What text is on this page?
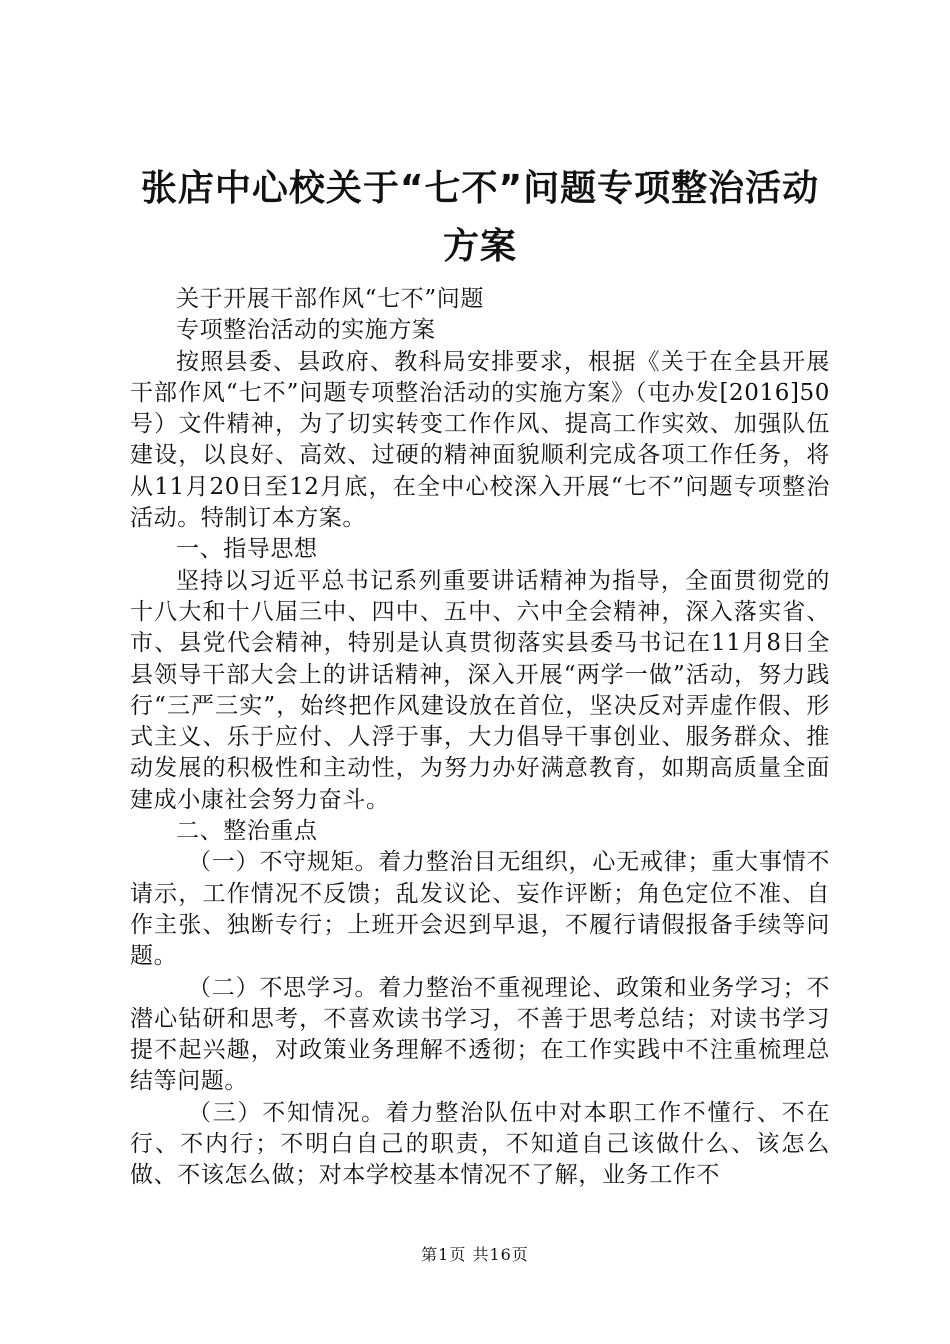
张店中心校关于“七不”问题专项整治活动方案

关于开展干部作风“七不”问题

专项整治活动的实施方案

按照县委、县政府、教科局安排要求，根据《关于在全县开展干部作风“七不”问题专项整治活动的实施方案》（屯办发[2016]50号）文件精神，为了切实转变工作作风、提高工作实效、加强队伍建设，以良好、高效、过硬的精神面貌顺利完成各项工作任务，将从11月20日至12月底，在全中心校深入开展“七不”问题专项整治活动。特制订本方案。

一、指导思想

坚持以习近平总书记系列重要讲话精神为指导，全面贯彻党的十八大和十八届三中、四中、五中、六中全会精神，深入落实省、市、县党代会精神，特别是认真贯彻落实县委马书记在11月8日全县领导干部大会上的讲话精神，深入开展“两学一做”活动，努力践行“三严三实”，始终把作风建设放在首位，坚决反对弄虚作假、形式主义、乐于应付、人浮于事，大力倡导干事创业、服务群众、推动发展的积极性和主动性，为努力办好满意教育，如期高质量全面建成小康社会努力奋斗。

二、整治重点

（一）不守规矩。着力整治目无组织，心无戒律；重大事情不请示，工作情况不反馈；乱发议论、妄作评断；角色定位不准、自作主张、独断专行；上班开会迟到早退，不履行请假报备手续等问题。

（二）不思学习。着力整治不重视理论、政策和业务学习；不潜心钻研和思考，不喜欢读书学习，不善于思考总结；对读书学习提不起兴趣，对政策业务理解不透彻；在工作实践中不注重梳理总结等问题。

（三）不知情况。着力整治队伍中对本职工作不懂行、不在行、不内行；不明白自己的职责，不知道自己该做什么、该怎么做、不该怎么做；对本学校基本情况不了解，业务工作不

第1页 共16页
